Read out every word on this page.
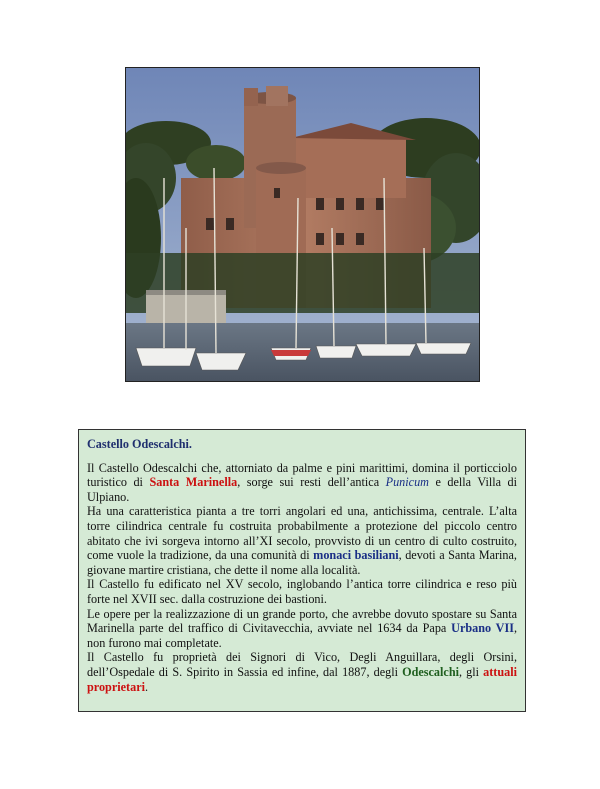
Castello Odescalchi.

Il Castello Odescalchi che, attorniato da palme e pini marittimi, domina il porticciolo turistico di Santa Marinella, sorge sui resti dell’antica Punicum e della Villa di Ulpiano.

Ha una caratteristica pianta a tre torri angolari ed una, antichissima, centrale. L’alta torre cilindrica centrale fu costruita probabilmente a protezione del piccolo centro abitato che ivi sorgeva intorno all’XI secolo, provvisto di un centro di culto costruito, come vuole la tradizione, da una comunità di monaci basiliani, devoti a Santa Marina, giovane martire cristiana, che dette il nome alla località.

Il Castello fu edificato nel XV secolo, inglobando l’antica torre cilindrica e reso più forte nel XVII sec. dalla costruzione dei bastioni.

Le opere per la realizzazione di un grande porto, che avrebbe dovuto spostare su Santa Marinella parte del traffico di Civitavecchia, avviate nel 1634 da Papa Urbano VII, non furono mai completate.

Il Castello fu proprietà dei Signori di Vico, Degli Anguillara, degli Orsini, dell’Ospedale di S. Spirito in Sassia ed infine, dal 1887, degli Odescalchi, gli attuali proprietari.
